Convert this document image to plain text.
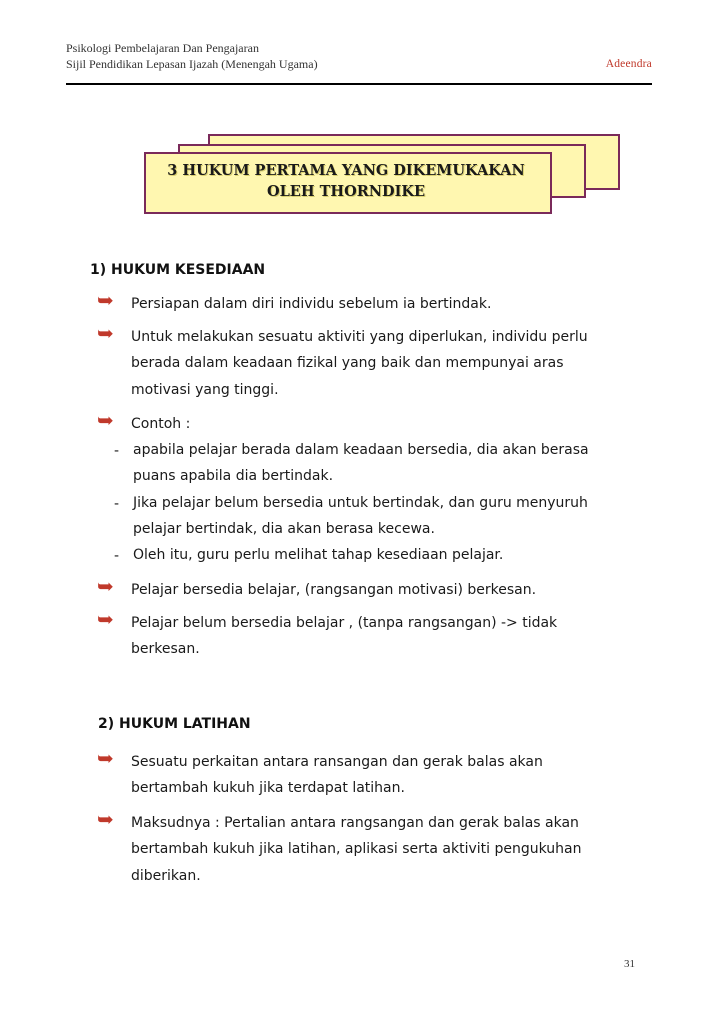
Psikologi Pembelajaran Dan Pengajaran
Sijil Pendidikan Lepasan Ijazah (Menengah Ugama)	Adeendra
3 HUKUM PERTAMA YANG DIKEMUKAKAN
OLEH THORNDIKE
1) HUKUM KESEDIAAN
➥ Persiapan dalam diri individu sebelum ia bertindak.
➥ Untuk melakukan sesuatu aktiviti yang diperlukan, individu perlu
berada dalam keadaan fizikal yang baik dan mempunyai aras
motivasi yang tinggi.
➥ Contoh :
- apabila pelajar berada dalam keadaan bersedia, dia akan berasa
puans apabila dia bertindak.
- Jika pelajar belum bersedia untuk bertindak, dan guru menyuruh
pelajar bertindak, dia akan berasa kecewa.
- Oleh itu, guru perlu melihat tahap kesediaan pelajar.
➥ Pelajar bersedia belajar, (rangsangan motivasi) berkesan.
➥ Pelajar belum bersedia belajar , (tanpa rangsangan) -> tidak
berkesan.
2) HUKUM LATIHAN
➥ Sesuatu perkaitan antara ransangan dan gerak balas akan
bertambah kukuh jika terdapat latihan.
➥ Maksudnya : Pertalian antara rangsangan dan gerak balas akan
bertambah kukuh jika latihan, aplikasi serta aktiviti pengukuhan
diberikan.
31
